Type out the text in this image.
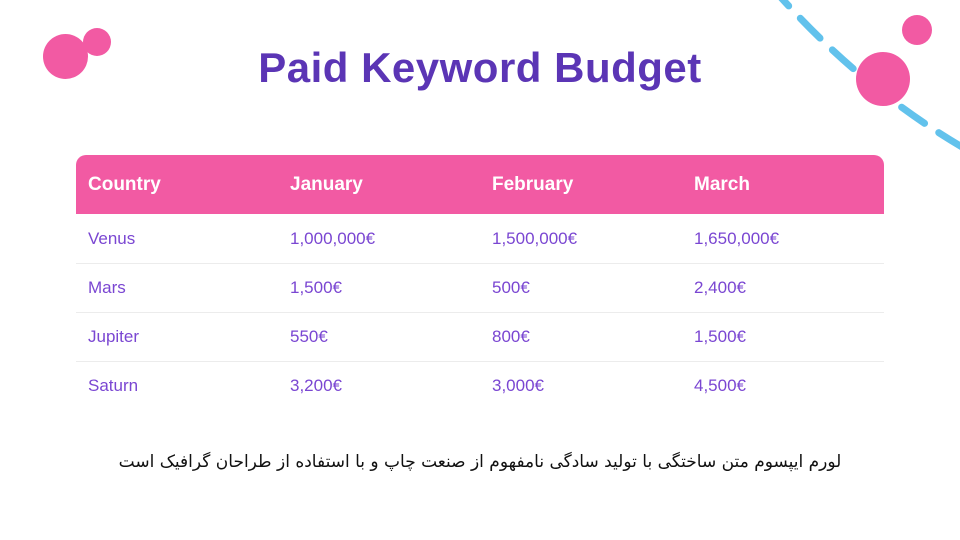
Paid Keyword Budget
Country	January	February	March
Venus	1,000,000€	1,500,000€	1,650,000€
Mars	1,500€	500€	2,400€
Jupiter	550€	800€	1,500€
Saturn	3,200€	3,000€	4,500€

لورم ایپسوم متن ساختگی با تولید سادگی نامفهوم از صنعت چاپ و با استفاده از طراحان گرافیک است
